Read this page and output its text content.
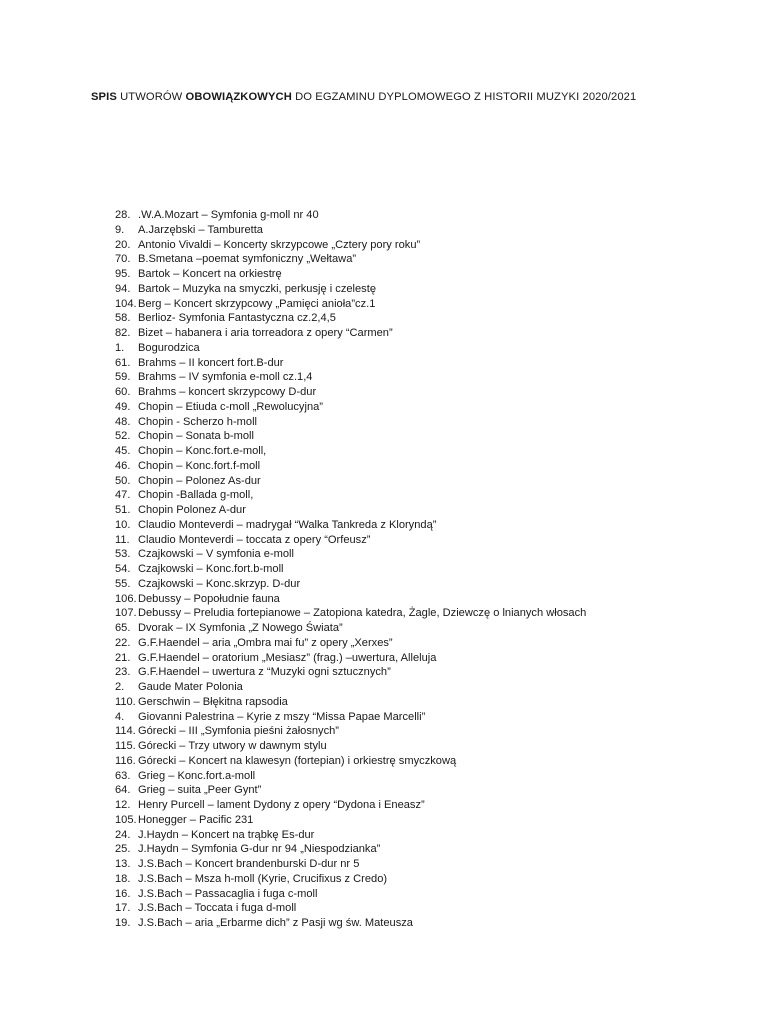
SPIS UTWORÓW OBOWIĄZKOWYCH DO EGZAMINU DYPLOMOWEGO Z HISTORII MUZYKI 2020/2021
28. .W.A.Mozart – Symfonia g-moll nr 40
9.	A.Jarzębski – Tamburetta
20. Antonio Vivaldi – Koncerty skrzypcowe „Cztery pory roku”
70. B.Smetana –poemat symfoniczny „Wełtawa”
95. Bartok – Koncert na orkiestrę
94. Bartok – Muzyka na smyczki, perkusję i czelestę
104. Berg – Koncert skrzypcowy „Pamięci anioła”cz.1
58. Berlioz- Symfonia Fantastyczna cz.2,4,5
82. Bizet – habanera i aria torreadora z opery “Carmen”
1.	Bogurodzica
61. Brahms – II koncert fort.B-dur
59. Brahms – IV symfonia e-moll cz.1,4
60. Brahms – koncert skrzypcowy D-dur
49. Chopin – Etiuda c-moll „Rewolucyjna”
48. Chopin - Scherzo h-moll
52. Chopin – Sonata b-moll
45. Chopin – Konc.fort.e-moll,
46. Chopin – Konc.fort.f-moll
50. Chopin – Polonez As-dur
47. Chopin -Ballada g-moll,
51. Chopin Polonez A-dur
10. Claudio Monteverdi – madrygał “Walka Tankreda z Kloryndą”
11. Claudio Monteverdi – toccata z opery “Orfeusz”
53. Czajkowski – V symfonia e-moll
54. Czajkowski – Konc.fort.b-moll
55. Czajkowski – Konc.skrzyp. D-dur
106. Debussy – Popołudnie fauna
107. Debussy – Preludia fortepianowe – Zatopiona katedra, Żagle, Dziewczę o lnianych włosach
65. Dvorak – IX Symfonia „Z Nowego Świata”
22. G.F.Haendel – aria „Ombra mai fu” z opery „Xerxes”
21. G.F.Haendel – oratorium „Mesiasz” (frag.) –uwertura, Alleluja
23. G.F.Haendel – uwertura z “Muzyki ogni sztucznych”
2.	Gaude Mater Polonia
110. Gerschwin – Błękitna rapsodia
4.	Giovanni Palestrina – Kyrie z mszy “Missa Papae Marcelli”
114. Górecki – III „Symfonia pieśni żałosnych”
115. Górecki – Trzy utwory w dawnym stylu
116. Górecki – Koncert na klawesyn (fortepian) i orkiestrę smyczkową
63. Grieg – Konc.fort.a-moll
64. Grieg – suita „Peer Gynt”
12. Henry Purcell – lament Dydony z opery “Dydona i Eneasz”
105. Honegger – Pacific 231
24. J.Haydn – Koncert na trąbkę Es-dur
25. J.Haydn – Symfonia G-dur nr 94 „Niespodzianka”
13. J.S.Bach – Koncert brandenburski D-dur nr 5
18. J.S.Bach – Msza h-moll (Kyrie, Crucifixus z Credo)
16. J.S.Bach – Passacaglia i fuga c-moll
17. J.S.Bach – Toccata i fuga d-moll
19. J.S.Bach – aria „Erbarme dich” z Pasji wg św. Mateusza
